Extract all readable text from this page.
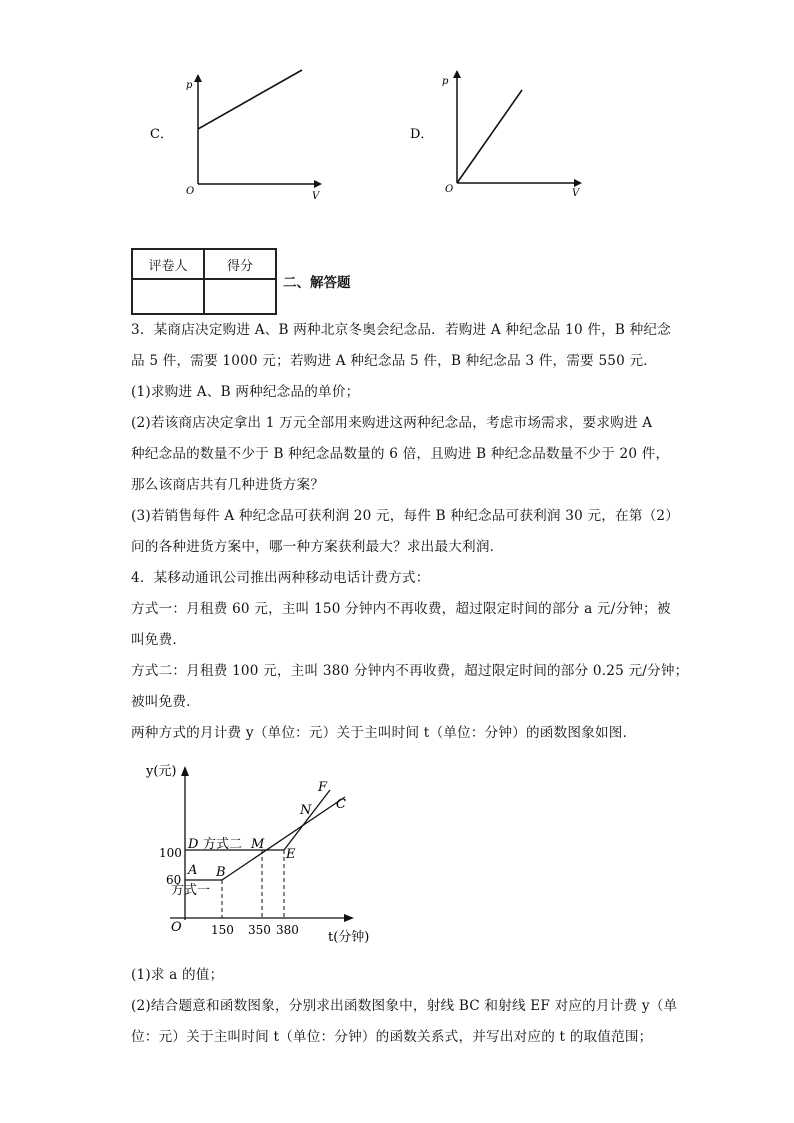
C．
p
O	V
D．
p
O	V
评卷人	得分

二、解答题
3．某商店决定购进 A、B 两种北京冬奥会纪念品．若购进 A 种纪念品 10 件，B 种纪念
品 5 件，需要 1000 元；若购进 A 种纪念品 5 件，B 种纪念品 3 件，需要 550 元．
(1)求购进 A、B 两种纪念品的单价；
(2)若该商店决定拿出 1 万元全部用来购进这两种纪念品，考虑市场需求，要求购进 A
种纪念品的数量不少于 B 种纪念品数量的 6 倍，且购进 B 种纪念品数量不少于 20 件，
那么该商店共有几种进货方案？
(3)若销售每件 A 种纪念品可获利润 20 元，每件 B 种纪念品可获利润 30 元，在第（2）
问的各种进货方案中，哪一种方案获利最大？求出最大利润．
4．某移动通讯公司推出两种移动电话计费方式：
方式一：月租费 60 元，主叫 150 分钟内不再收费，超过限定时间的部分 a 元/分钟；被
叫免费．
方式二：月租费 100 元，主叫 380 分钟内不再收费，超过限定时间的部分 0.25 元/分钟；
被叫免费．
两种方式的月计费 y（单位：元）关于主叫时间 t（单位：分钟）的函数图象如图．
y(元)
t(分钟)
O
100
60
150 350 380
A B
D	M
E
N
F
C
方式二
方式一
(1)求 a 的值；
(2)结合题意和函数图象，分别求出函数图象中，射线 BC 和射线 EF 对应的月计费 y（单
位：元）关于主叫时间 t（单位：分钟）的函数关系式，并写出对应的 t 的取值范围；
